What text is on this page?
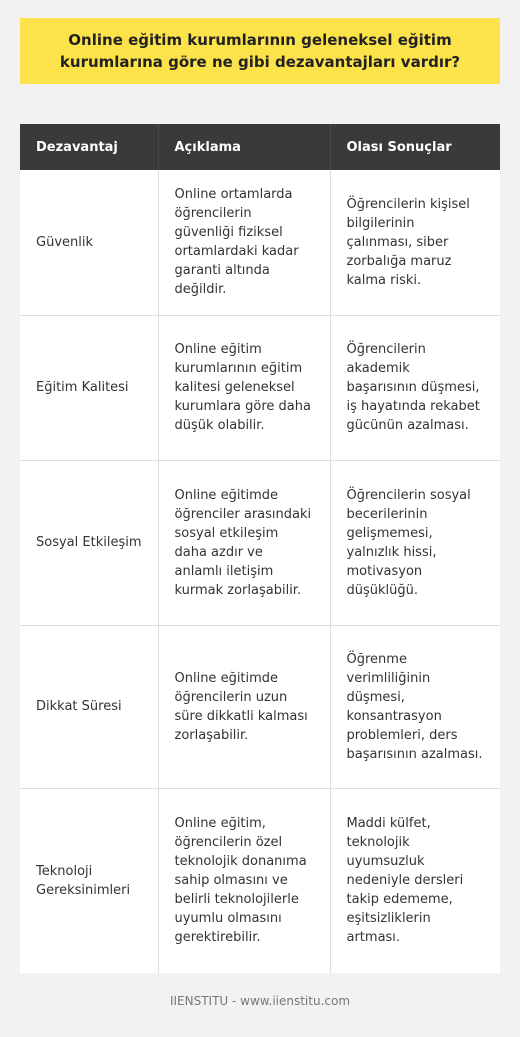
Online eğitim kurumlarının geleneksel eğitim kurumlarına göre ne gibi dezavantajları vardır?
Dezavantaj	Açıklama	Olası Sonuçlar
Güvenlik	Online ortamlarda öğrencilerin güvenliği fiziksel ortamlardaki kadar garanti altında değildir.	Öğrencilerin kişisel bilgilerinin çalınması, siber zorbalığa maruz kalma riski.
Eğitim Kalitesi	Online eğitim kurumlarının eğitim kalitesi geleneksel kurumlara göre daha düşük olabilir.	Öğrencilerin akademik başarısının düşmesi, iş hayatında rekabet gücünün azalması.
Sosyal Etkileşim	Online eğitimde öğrenciler arasındaki sosyal etkileşim daha azdır ve anlamlı iletişim kurmak zorlaşabilir.	Öğrencilerin sosyal becerilerinin gelişmemesi, yalnızlık hissi, motivasyon düşüklüğü.
Dikkat Süresi	Online eğitimde öğrencilerin uzun süre dikkatli kalması zorlaşabilir.	Öğrenme verimliliğinin düşmesi, konsantrasyon problemleri, ders başarısının azalması.
Teknoloji Gereksinimleri	Online eğitim, öğrencilerin özel teknolojik donanıma sahip olmasını ve belirli teknolojilerle uyumlu olmasını gerektirebilir.	Maddi külfet, teknolojik uyumsuzluk nedeniyle dersleri takip edememe, eşitsizliklerin artması.
IIENSTITU - www.iienstitu.com
